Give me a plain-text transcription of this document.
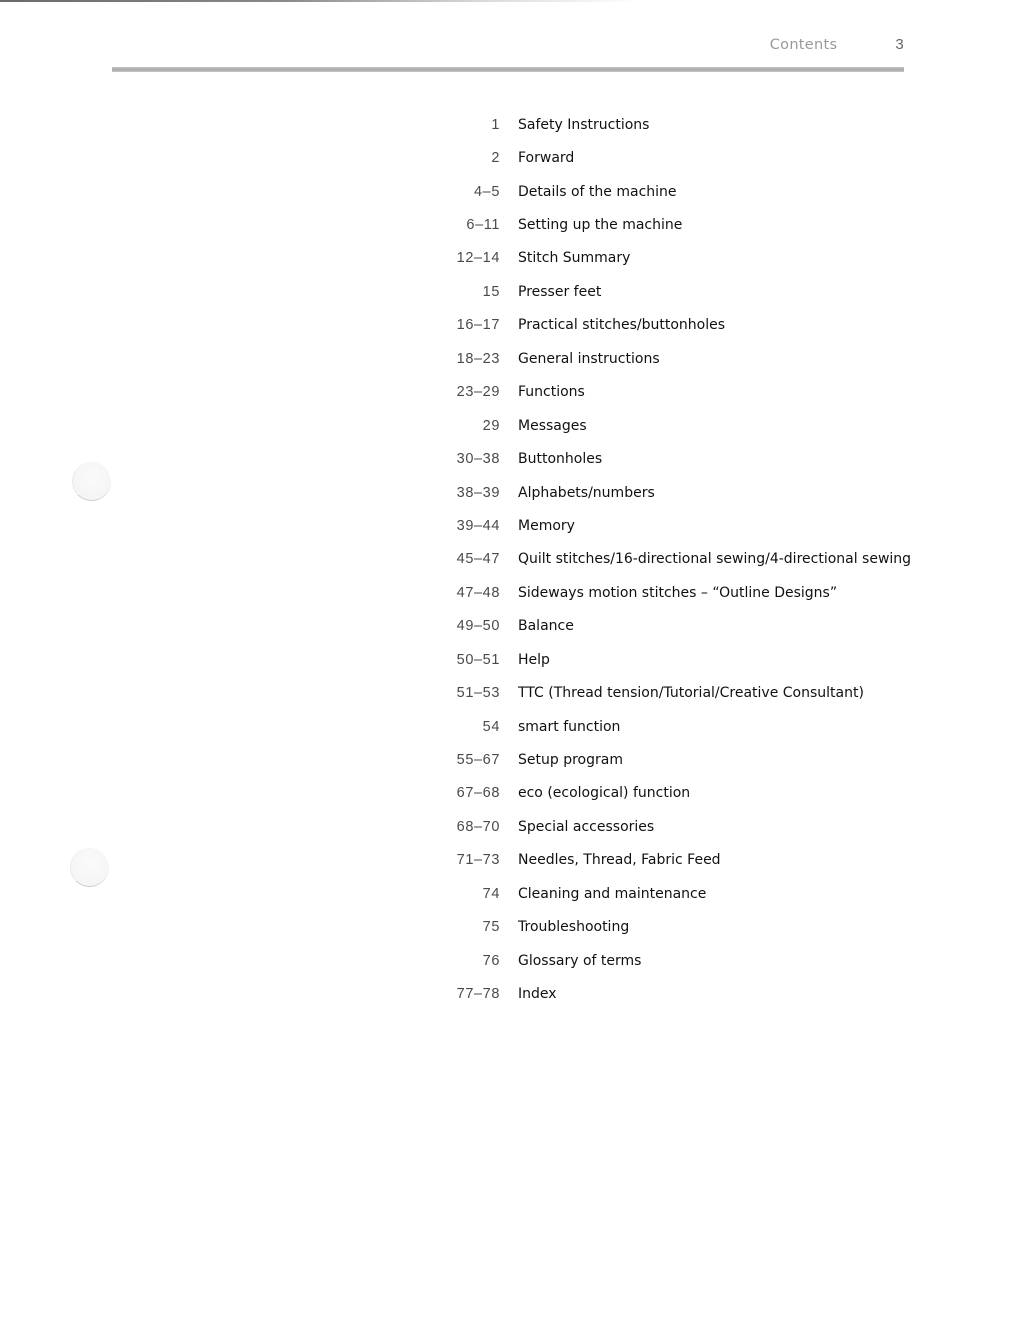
Contents	3
1 Safety Instructions
2 Forward
4–5 Details of the machine
6–11 Setting up the machine
12–14 Stitch Summary
15 Presser feet
16–17 Practical stitches/buttonholes
18–23 General instructions
23–29 Functions
29 Messages
30–38 Buttonholes
38–39 Alphabets/numbers
39–44 Memory
45–47 Quilt stitches/16-directional sewing/4-directional sewing
47–48 Sideways motion stitches – “Outline Designs”
49–50 Balance
50–51 Help
51–53 TTC (Thread tension/Tutorial/Creative Consultant)
54 smart function
55–67 Setup program
67–68 eco (ecological) function
68–70 Special accessories
71–73 Needles, Thread, Fabric Feed
74 Cleaning and maintenance
75 Troubleshooting
76 Glossary of terms
77–78 Index
